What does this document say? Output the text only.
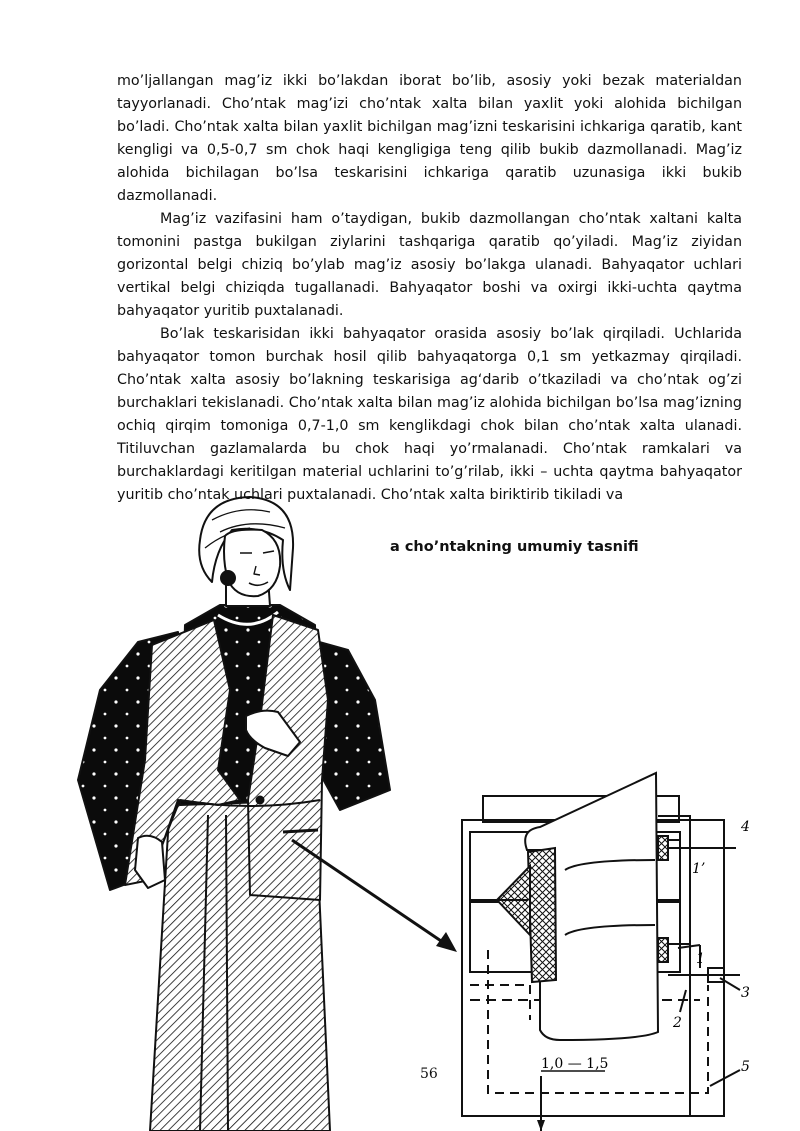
4
1’
1
3
2
5
1,0 — 1,5

mo’ljallangan mag’iz ikki bo’lakdan iborat bo’lib, asosiy yoki bezak materialdan tayyorlanadi. Cho’ntak mag’izi cho’ntak xalta bilan yaxlit yoki alohida bichilgan bo’ladi. Cho’ntak xalta bilan yaxlit bichilgan mag’izni teskarisini ichkariga qaratib, kant kengligi va 0,5-0,7 sm chok haqi kengligiga teng qilib bukib dazmollanadi. Mag’iz alohida bichilagan bo’lsa teskarisini ichkariga qaratib uzunasiga ikki bukib dazmollanadi.

Mag’iz vazifasini ham o’taydigan, bukib dazmollangan cho’ntak xaltani kalta tomonini pastga bukilgan ziylarini tashqariga qaratib qo’yiladi. Mag’iz ziyidan gorizontal belgi chiziq bo’ylab mag’iz asosiy bo’lakga ulanadi. Bahyaqator uchlari vertikal belgi chiziqda tugallanadi. Bahyaqator boshi va oxirgi ikki-uchta qaytma bahyaqator yuritib puxtalanadi.

Bo’lak teskarisidan ikki bahyaqator orasida asosiy bo’lak qirqiladi. Uchlarida bahyaqator tomon burchak hosil qilib bahyaqatorga 0,1 sm yetkazmay qirqiladi. Cho’ntak xalta asosiy bo’lakning teskarisiga ag‘darib o’tkaziladi va cho’ntak og’zi burchaklari tekislanadi. Cho’ntak xalta bilan mag’iz alohida bichilgan bo’lsa mag’izning ochiq qirqim tomoniga 0,7-1,0 sm kenglikdagi chok bilan cho’ntak xalta ulanadi. Titiluvchan gazlamalarda bu chok haqi yo’rmalanadi. Cho’ntak ramkalari va burchaklardagi keritilgan material uchlarini to’g’rilab, ikki – uchta qaytma bahyaqator yuritib cho’ntak uchlari puxtalanadi. Cho’ntak xalta biriktirib tikiladi va

a cho’ntakning umumiy tasnifi
56
